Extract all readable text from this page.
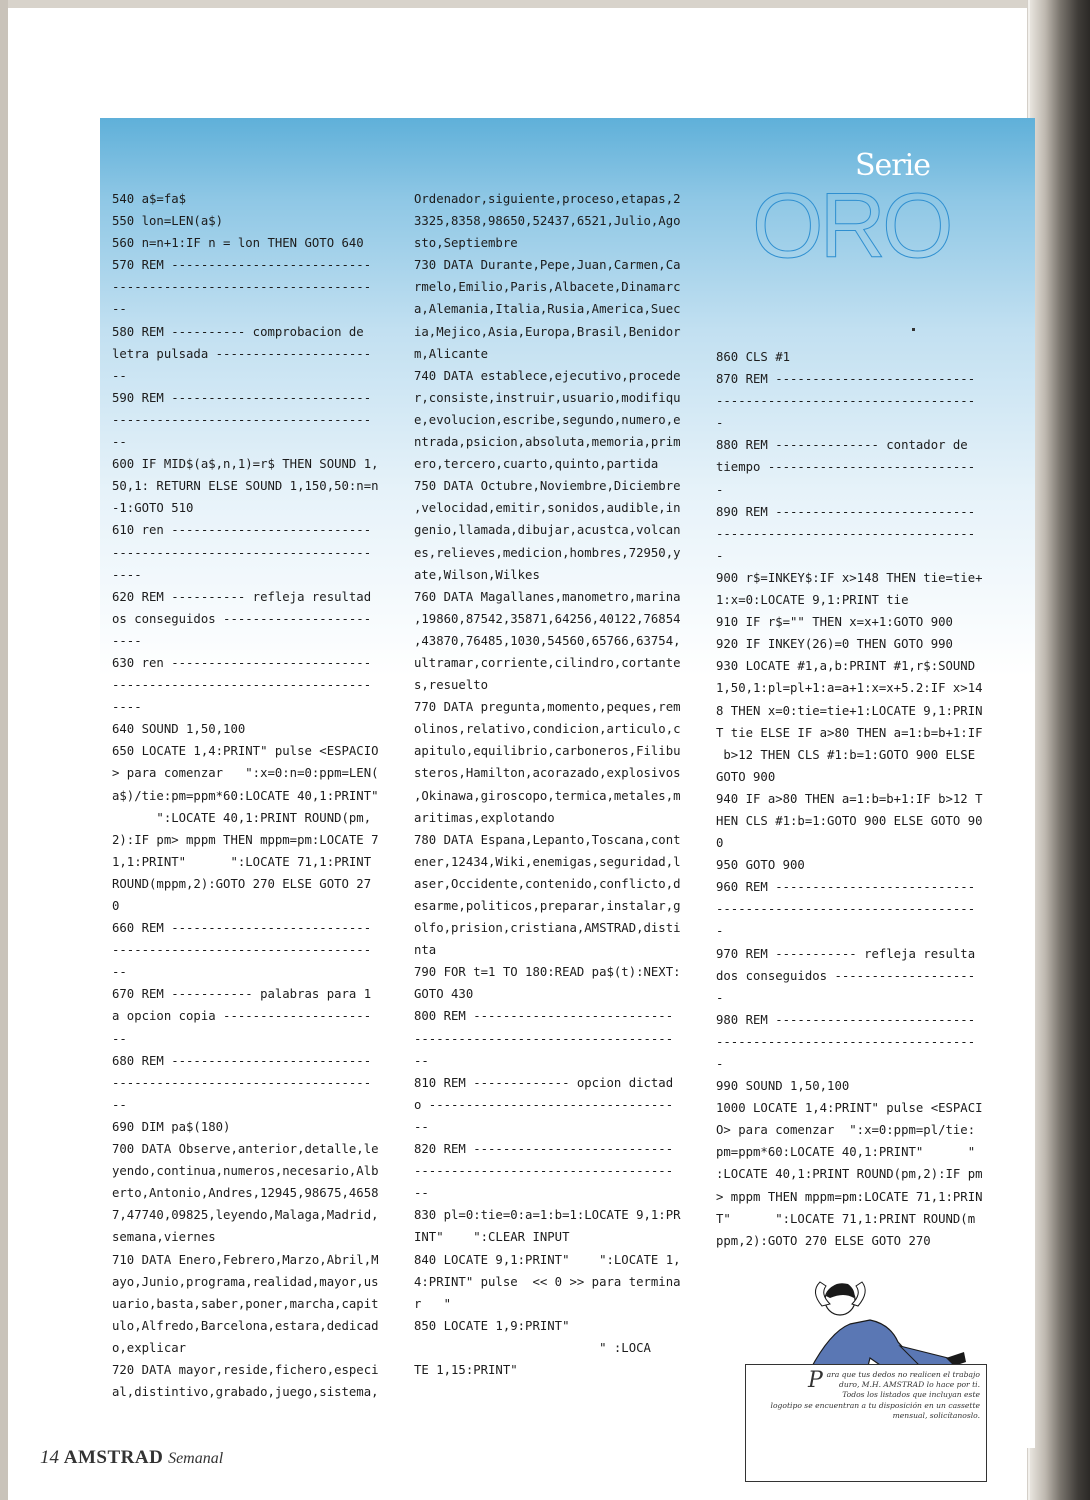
Serie
ORO
540 a$=fa$
550 lon=LEN(a$)
560 n=n+1:IF n = lon THEN GOTO 640
570 REM ---------------------------
-----------------------------------
--
580 REM ---------- comprobacion de
letra pulsada ---------------------
--
590 REM ---------------------------
-----------------------------------
--
600 IF MID$(a$,n,1)=r$ THEN SOUND 1,
50,1: RETURN ELSE SOUND 1,150,50:n=n
-1:GOTO 510
610 ren ---------------------------
-----------------------------------
----
620 REM ---------- refleja resultad
os conseguidos --------------------
----
630 ren ---------------------------
-----------------------------------
----
640 SOUND 1,50,100
650 LOCATE 1,4:PRINT" pulse <ESPACIO
> para comenzar   ":x=0:n=0:ppm=LEN(
a$)/tie:pm=ppm*60:LOCATE 40,1:PRINT"
":LOCATE 40,1:PRINT ROUND(pm,
2):IF pm> mppm THEN mppm=pm:LOCATE 7
1,1:PRINT"      ":LOCATE 71,1:PRINT
ROUND(mppm,2):GOTO 270 ELSE GOTO 27
0
660 REM ---------------------------
-----------------------------------
--
670 REM ----------- palabras para 1
a opcion copia --------------------
--
680 REM ---------------------------
-----------------------------------
--
690 DIM pa$(180)
700 DATA Observe,anterior,detalle,le
yendo,continua,numeros,necesario,Alb
erto,Antonio,Andres,12945,98675,4658
7,47740,09825,leyendo,Malaga,Madrid,
semana,viernes
710 DATA Enero,Febrero,Marzo,Abril,M
ayo,Junio,programa,realidad,mayor,us
uario,basta,saber,poner,marcha,capit
ulo,Alfredo,Barcelona,estara,dedicad
o,explicar
720 DATA mayor,reside,fichero,especi
al,distintivo,grabado,juego,sistema,
Ordenador,siguiente,proceso,etapas,2
3325,8358,98650,52437,6521,Julio,Ago
sto,Septiembre
730 DATA Durante,Pepe,Juan,Carmen,Ca
rmelo,Emilio,Paris,Albacete,Dinamarc
a,Alemania,Italia,Rusia,America,Suec
ia,Mejico,Asia,Europa,Brasil,Benidor
m,Alicante
740 DATA establece,ejecutivo,procede
r,consiste,instruir,usuario,modifiqu
e,evolucion,escribe,segundo,numero,e
ntrada,psicion,absoluta,memoria,prim
ero,tercero,cuarto,quinto,partida
750 DATA Octubre,Noviembre,Diciembre
,velocidad,emitir,sonidos,audible,in
genio,llamada,dibujar,acustca,volcan
es,relieves,medicion,hombres,72950,y
ate,Wilson,Wilkes
760 DATA Magallanes,manometro,marina
,19860,87542,35871,64256,40122,76854
,43870,76485,1030,54560,65766,63754,
ultramar,corriente,cilindro,cortante
s,resuelto
770 DATA pregunta,momento,peques,rem
olinos,relativo,condicion,articulo,c
apitulo,equilibrio,carboneros,Filibu
steros,Hamilton,acorazado,explosivos
,Okinawa,giroscopo,termica,metales,m
aritimas,explotando
780 DATA Espana,Lepanto,Toscana,cont
ener,12434,Wiki,enemigas,seguridad,l
aser,Occidente,contenido,conflicto,d
esarme,politicos,preparar,instalar,g
olfo,prision,cristiana,AMSTRAD,disti
nta
790 FOR t=1 TO 180:READ pa$(t):NEXT:
GOTO 430
800 REM ---------------------------
-----------------------------------
--
810 REM ------------- opcion dictad
o ---------------------------------
--
820 REM ---------------------------
-----------------------------------
--
830 pl=0:tie=0:a=1:b=1:LOCATE 9,1:PR
INT"    ":CLEAR INPUT
840 LOCATE 9,1:PRINT"    ":LOCATE 1,
4:PRINT" pulse  << 0 >> para termina
r   "
850 LOCATE 1,9:PRINT"
" :LOCA
TE 1,15:PRINT"
860 CLS #1
870 REM ---------------------------
-----------------------------------
-
880 REM -------------- contador de
tiempo ----------------------------
-
890 REM ---------------------------
-----------------------------------
-
900 r$=INKEY$:IF x>148 THEN tie=tie+
1:x=0:LOCATE 9,1:PRINT tie
910 IF r$="" THEN x=x+1:GOTO 900
920 IF INKEY(26)=0 THEN GOTO 990
930 LOCATE #1,a,b:PRINT #1,r$:SOUND
1,50,1:pl=pl+1:a=a+1:x=x+5.2:IF x>14
8 THEN x=0:tie=tie+1:LOCATE 9,1:PRIN
T tie ELSE IF a>80 THEN a=1:b=b+1:IF
b>12 THEN CLS #1:b=1:GOTO 900 ELSE
GOTO 900
940 IF a>80 THEN a=1:b=b+1:IF b>12 T
HEN CLS #1:b=1:GOTO 900 ELSE GOTO 90
0
950 GOTO 900
960 REM ---------------------------
-----------------------------------
-
970 REM ----------- refleja resulta
dos conseguidos -------------------
-
980 REM ---------------------------
-----------------------------------
-
990 SOUND 1,50,100
1000 LOCATE 1,4:PRINT" pulse <ESPACI
O> para comenzar  ":x=0:ppm=pl/tie:
pm=ppm*60:LOCATE 40,1:PRINT"      "
:LOCATE 40,1:PRINT ROUND(pm,2):IF pm
> mppm THEN mppm=pm:LOCATE 71,1:PRIN
T"      ":LOCATE 71,1:PRINT ROUND(m
ppm,2):GOTO 270 ELSE GOTO 270
Para que tus dedos no realicen el trabajo duro, M.H. AMSTRAD lo hace por ti. Todos los listados que incluyan este logotipo se encuentran a tu disposición en un cassette mensual, solicítanoslo.
14 AMSTRAD Semanal
